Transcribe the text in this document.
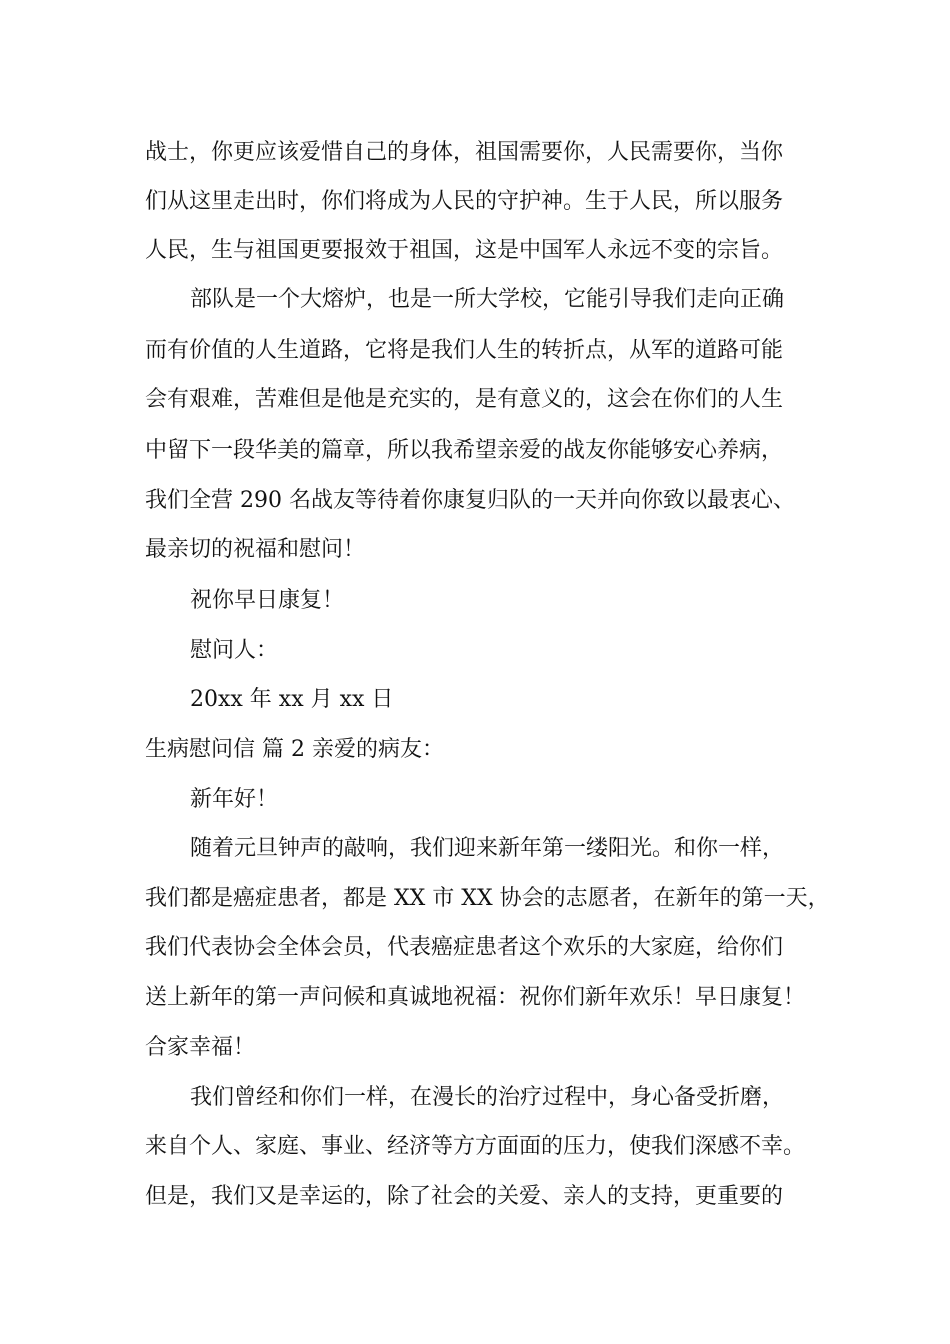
战士，你更应该爱惜自己的身体，祖国需要你，人民需要你，当你
们从这里走出时，你们将成为人民的守护神。生于人民，所以服务
人民，生与祖国更要报效于祖国，这是中国军人永远不变的宗旨。
部队是一个大熔炉，也是一所大学校，它能引导我们走向正确
而有价值的人生道路，它将是我们人生的转折点，从军的道路可能
会有艰难，苦难但是他是充实的，是有意义的，这会在你们的人生
中留下一段华美的篇章，所以我希望亲爱的战友你能够安心养病，
我们全营 290 名战友等待着你康复归队的一天并向你致以最衷心、
最亲切的祝福和慰问！
祝你早日康复！
慰问人：
20xx 年 xx 月 xx 日
生病慰问信 篇 2 亲爱的病友：
新年好！
随着元旦钟声的敲响，我们迎来新年第一缕阳光。和你一样，
我们都是癌症患者，都是 XX 市 XX 协会的志愿者，在新年的第一天，
我们代表协会全体会员，代表癌症患者这个欢乐的大家庭，给你们
送上新年的第一声问候和真诚地祝福：祝你们新年欢乐！早日康复！
合家幸福！
我们曾经和你们一样，在漫长的治疗过程中，身心备受折磨，
来自个人、家庭、事业、经济等方方面面的压力，使我们深感不幸。
但是，我们又是幸运的，除了社会的关爱、亲人的支持，更重要的
